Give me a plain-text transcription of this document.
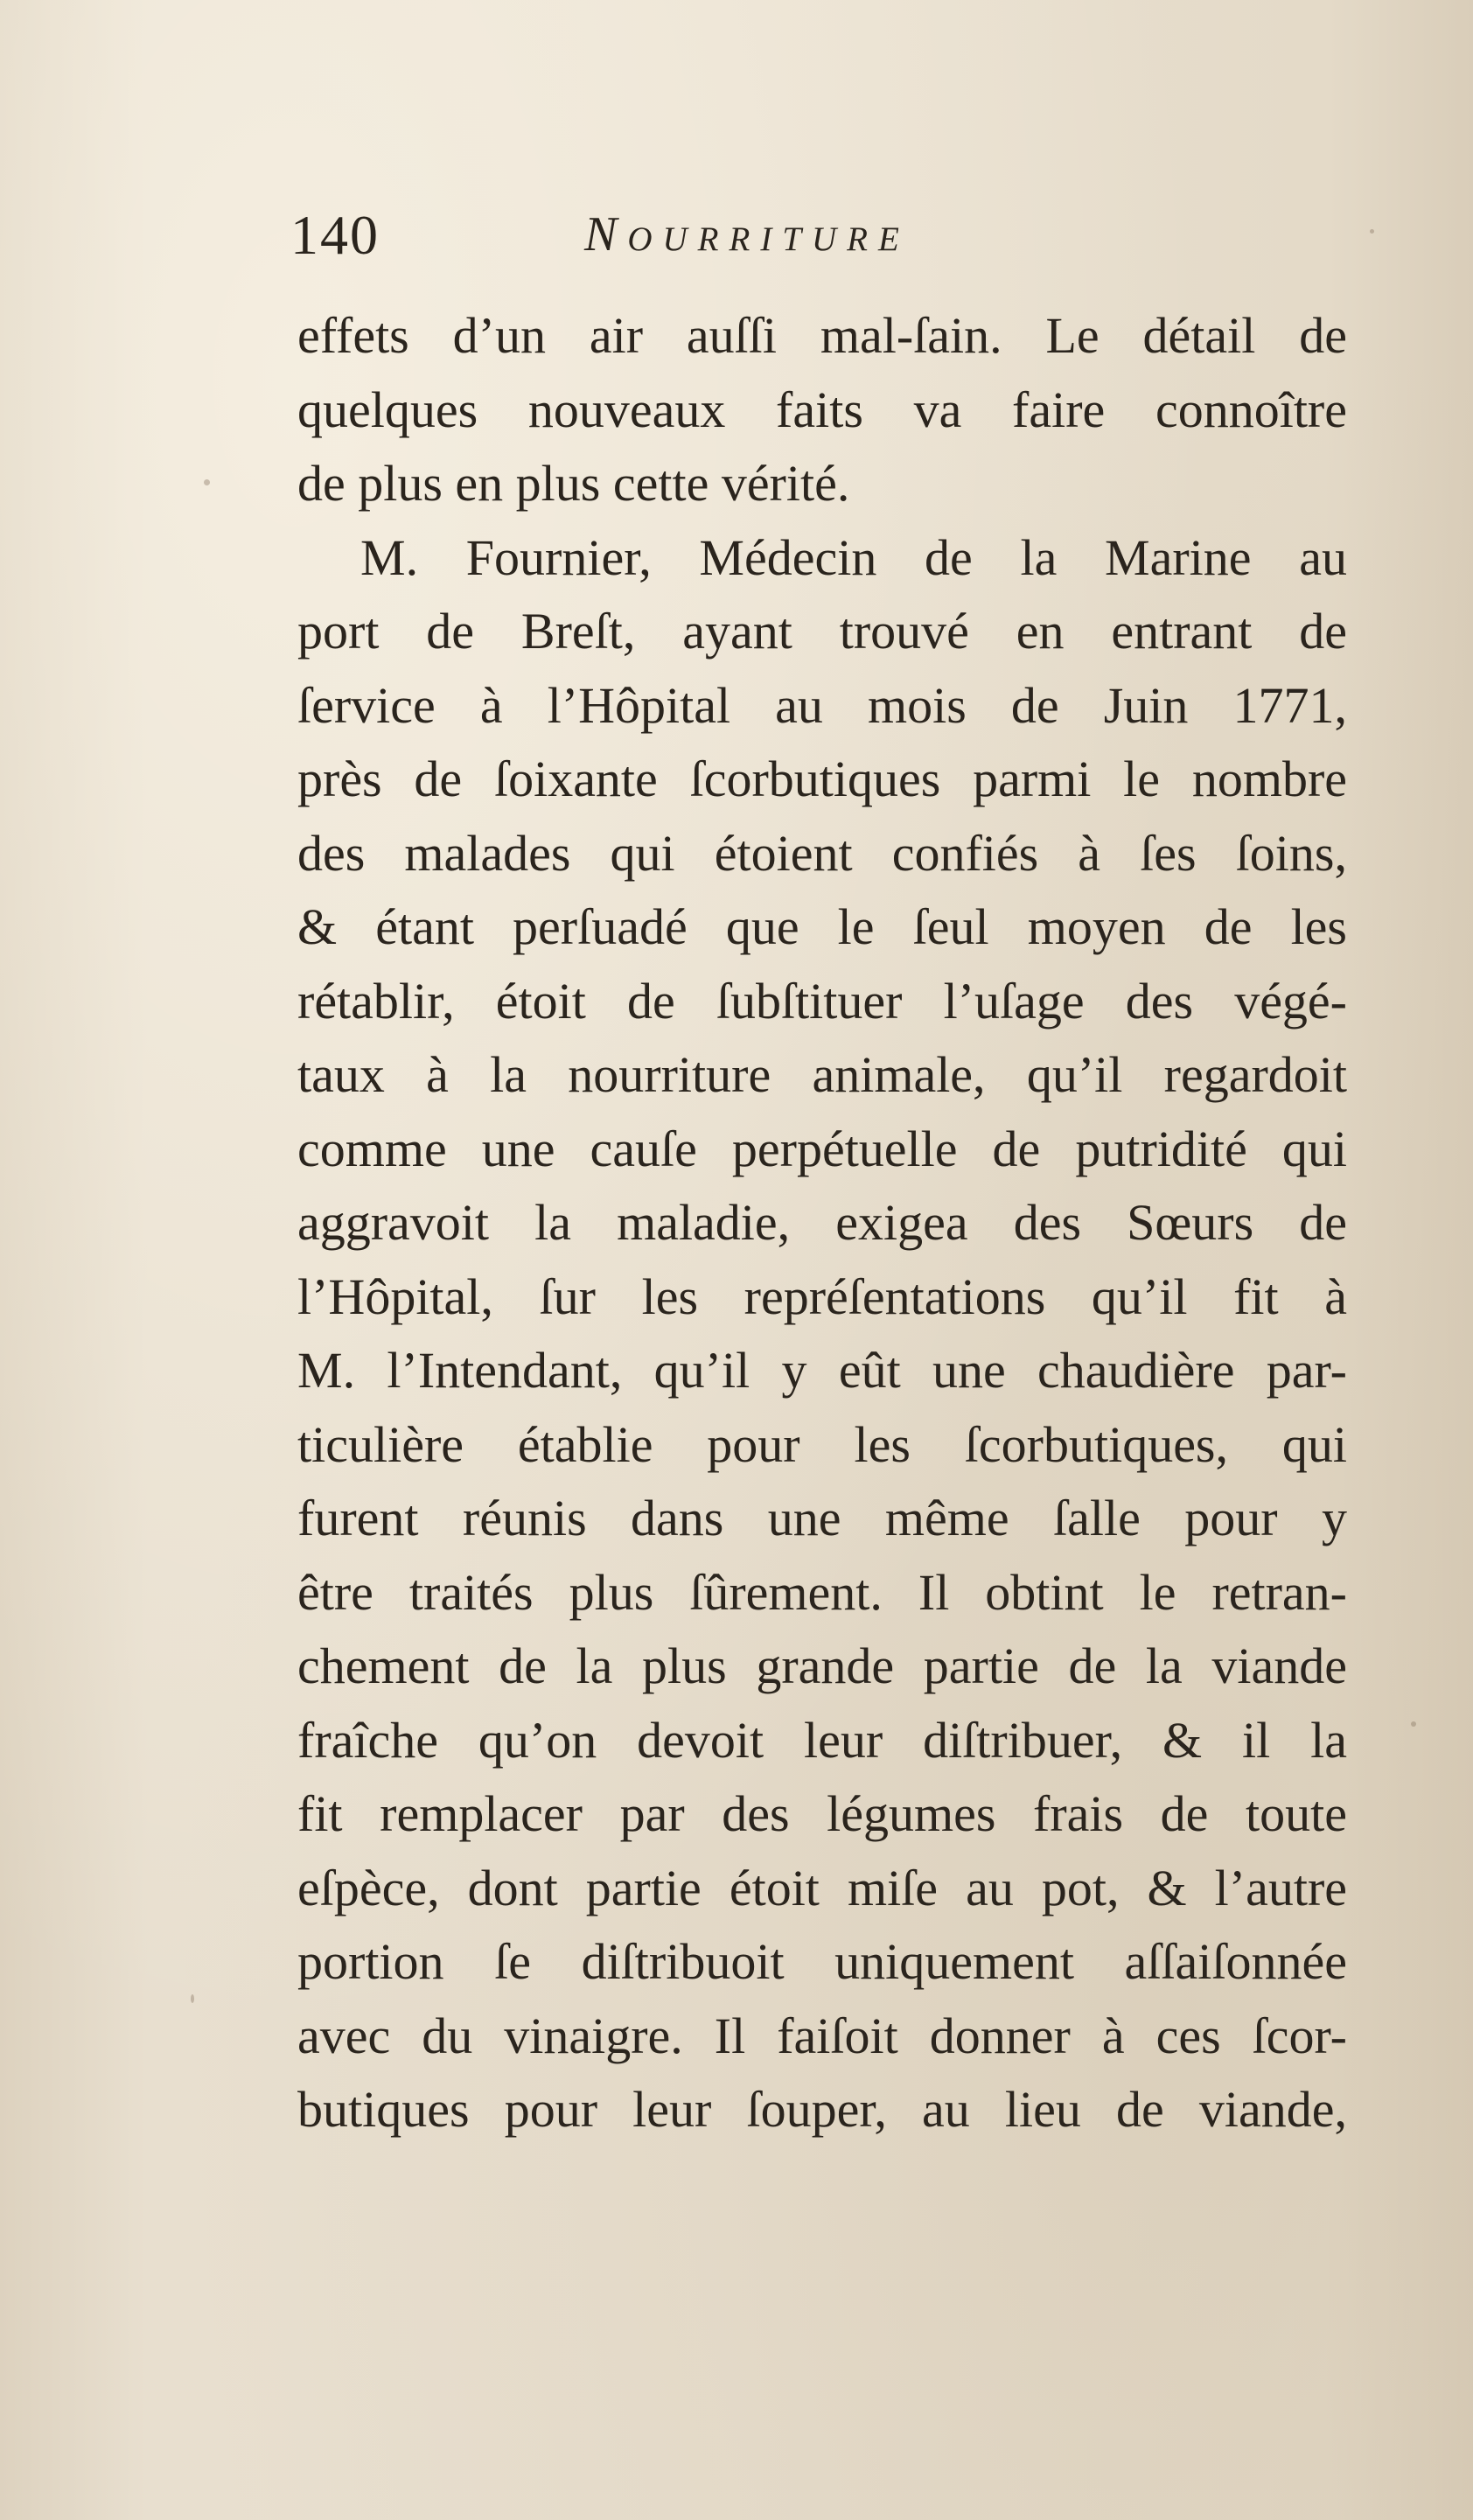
140	Nourriture
effets d’un air auſſi mal-ſain. Le détail de
quelques nouveaux faits va faire connoître
de plus en plus cette vérité.
M. Fournier, Médecin de la Marine au
port de Breſt, ayant trouvé en entrant de
ſervice à l’Hôpital au mois de Juin 1771,
près de ſoixante ſcorbutiques parmi le nombre
des malades qui étoient confiés à ſes ſoins,
& étant perſuadé que le ſeul moyen de les
rétablir, étoit de ſubſtituer l’uſage des végé-
taux à la nourriture animale, qu’il regardoit
comme une cauſe perpétuelle de putridité qui
aggravoit la maladie, exigea des Sœurs de
l’Hôpital, ſur les repréſentations qu’il fit à
M. l’Intendant, qu’il y eût une chaudière par-
ticulière établie pour les ſcorbutiques, qui
furent réunis dans une même ſalle pour y
être traités plus ſûrement. Il obtint le retran-
chement de la plus grande partie de la viande
fraîche qu’on devoit leur diſtribuer, & il la
fit remplacer par des légumes frais de toute
eſpèce, dont partie étoit miſe au pot, & l’autre
portion ſe diſtribuoit uniquement aſſaiſonnée
avec du vinaigre. Il faiſoit donner à ces ſcor-
butiques pour leur ſouper, au lieu de viande,
